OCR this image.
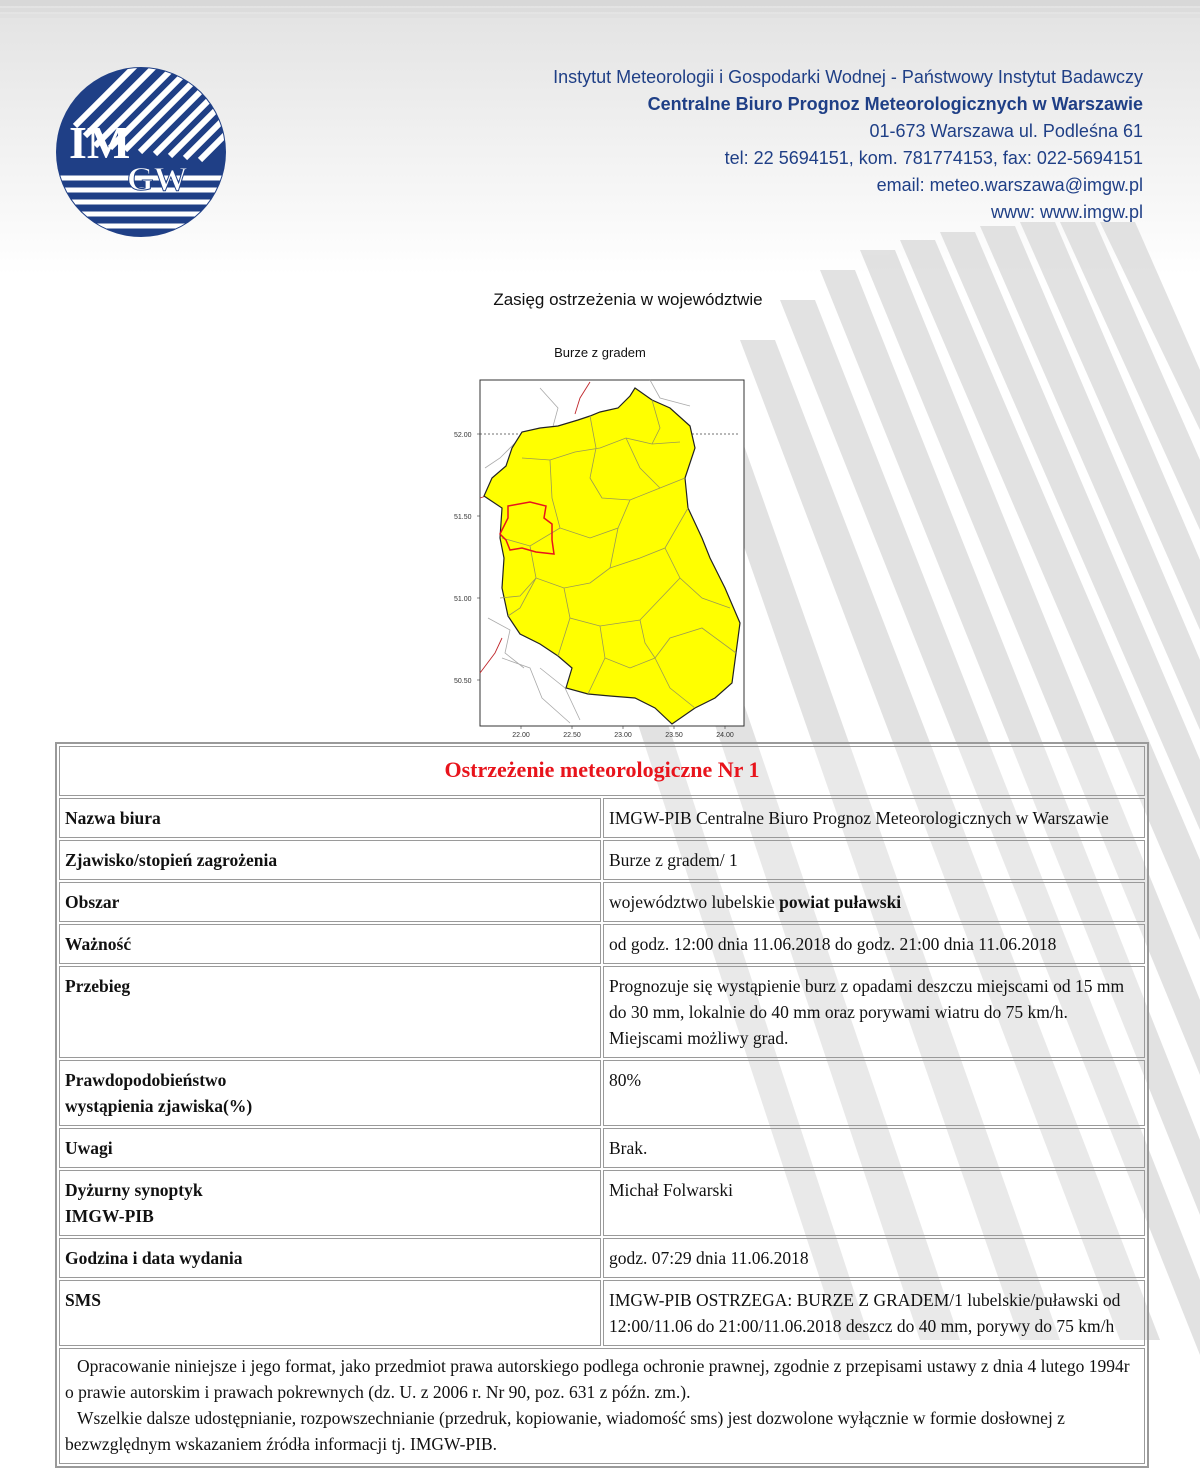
IM
GW
Instytut Meteorologii i Gospodarki Wodnej - Państwowy Instytut Badawczy
Centralne Biuro Prognoz Meteorologicznych w Warszawie
01-673 Warszawa ul. Podleśna 61
tel: 22 5694151, kom. 781774153, fax: 022-5694151
email: meteo.warszawa@imgw.pl
www: www.imgw.pl
Zasięg ostrzeżenia w województwie
Burze z gradem
52.00
51.50
51.00
50.50
22.00	22.50	23.00	23.50	24.00
Ostrzeżenie meteorologiczne Nr 1	
Nazwa biura	IMGW-PIB Centralne Biuro Prognoz Meteorologicznych w Warszawie
Zjawisko/stopień zagrożenia	Burze z gradem/ 1
Obszar	województwo lubelskie powiat puławski
Ważność	od godz. 12:00 dnia 11.06.2018 do godz. 21:00 dnia 11.06.2018
Przebieg	Prognozuje się wystąpienie burz z opadami deszczu miejscami od 15 mm do 30 mm, lokalnie do 40 mm oraz porywami wiatru do 75 km/h. Miejscami możliwy grad.
Prawdopodobieństwo
wystąpienia zjawiska(%)	80%
Uwagi	Brak.
Dyżurny synoptyk
IMGW-PIB	Michał Folwarski
Godzina i data wydania	godz. 07:29 dnia 11.06.2018
SMS	IMGW-PIB OSTRZEGA: BURZE Z GRADEM/1 lubelskie/puławski od 12:00/11.06 do 21:00/11.06.2018 deszcz do 40 mm, porywy do 75 km/h

Opracowanie niniejsze i jego format, jako przedmiot prawa autorskiego podlega ochronie prawnej, zgodnie z przepisami ustawy z dnia 4 lutego 1994r o prawie autorskim i prawach pokrewnych (dz. U. z 2006 r. Nr 90, poz. 631 z późn. zm.).

Wszelkie dalsze udostępnianie, rozpowszechnianie (przedruk, kopiowanie, wiadomość sms) jest dozwolone wyłącznie w formie dosłownej z bezwzględnym wskazaniem źródła informacji tj. IMGW-PIB.	
